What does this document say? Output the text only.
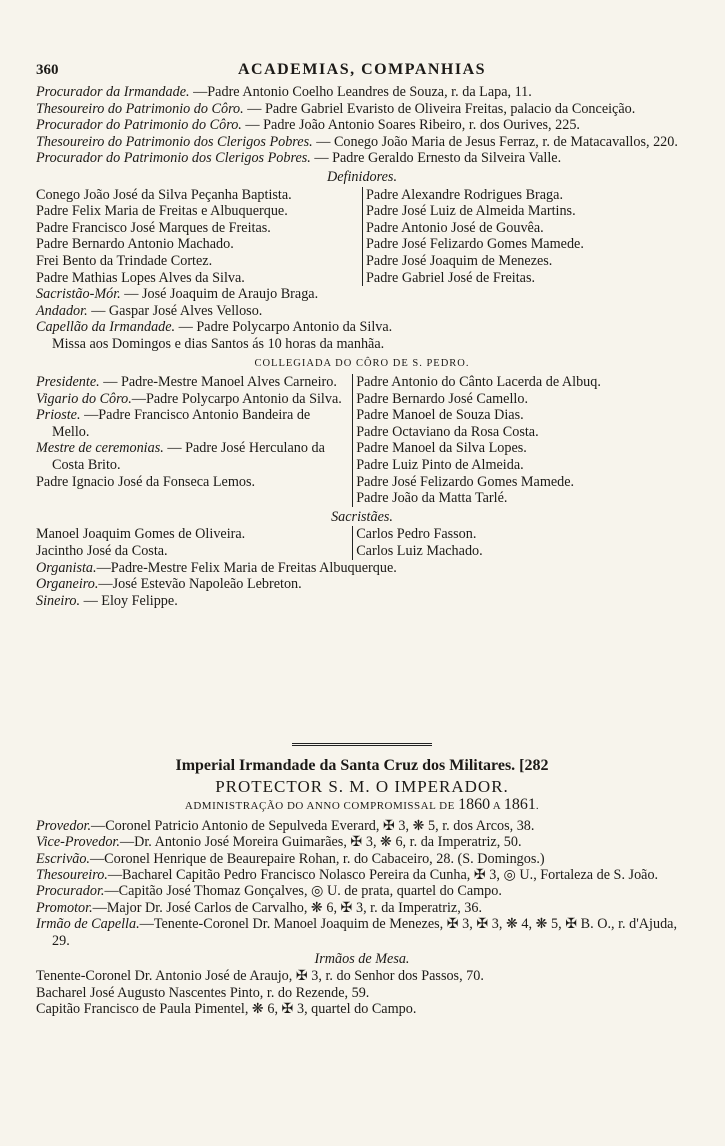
360	ACADEMIAS, COMPANHIAS

Procurador da Irmandade. —Padre Antonio Coelho Leandres de Souza, r. da Lapa, 11.

Thesoureiro do Patrimonio do Côro. — Padre Gabriel Evaristo de Oliveira Freitas, palacio da Conceição.

Procurador do Patrimonio do Côro. — Padre João Antonio Soares Ribeiro, r. dos Ourives, 225.

Thesoureiro do Patrimonio dos Clerigos Pobres. — Conego João Maria de Jesus Ferraz, r. de Matacavallos, 220.

Procurador do Patrimonio dos Clerigos Pobres. — Padre Geraldo Ernesto da Silveira Valle.

Definidores.
Conego João José da Silva Peçanha Baptista.
Padre Felix Maria de Freitas e Albuquerque.
Padre Francisco José Marques de Freitas.
Padre Bernardo Antonio Machado.
Frei Bento da Trindade Cortez.
Padre Mathias Lopes Alves da Silva.
Padre Alexandre Rodrigues Braga.
Padre José Luiz de Almeida Martins.
Padre Antonio José de Gouvêa.
Padre José Felizardo Gomes Mamede.
Padre José Joaquim de Menezes.
Padre Gabriel José de Freitas.

Sacristão-Mór. — José Joaquim de Araujo Braga.

Andador. — Gaspar José Alves Velloso.

Capellão da Irmandade. — Padre Polycarpo Antonio da Silva.

Missa aos Domingos e dias Santos ás 10 horas da manhãa.
COLLEGIADA DO CÔRO DE S. PEDRO.

Presidente. — Padre-Mestre Manoel Alves Carneiro.

Vigario do Côro.—Padre Polycarpo Antonio da Silva.

Prioste. —Padre Francisco Antonio Bandeira de Mello.

Mestre de ceremonias. — Padre José Herculano da Costa Brito.

Padre Ignacio José da Fonseca Lemos.

Padre Antonio do Cânto Lacerda de Albuq.
Padre Bernardo José Camello.
Padre Manoel de Souza Dias.
Padre Octaviano da Rosa Costa.
Padre Manoel da Silva Lopes.
Padre Luiz Pinto de Almeida.
Padre José Felizardo Gomes Mamede.
Padre João da Matta Tarlé.
Sacristães.
Manoel Joaquim Gomes de Oliveira.
Jacintho José da Costa.
Carlos Pedro Fasson.
Carlos Luiz Machado.

Organista.—Padre-Mestre Felix Maria de Freitas Albuquerque.

Organeiro.—José Estevão Napoleão Lebreton.

Sineiro. — Eloy Felippe.

Imperial Irmandade da Santa Cruz dos Militares. [282
PROTECTOR S. M. O IMPERADOR.
ADMINISTRAÇÃO DO ANNO COMPROMISSAL DE 1860 A 1861.

Provedor.—Coronel Patricio Antonio de Sepulveda Everard, ✠ 3, ❋ 5, r. dos Arcos, 38.

Vice-Provedor.—Dr. Antonio José Moreira Guimarães, ✠ 3, ❋ 6, r. da Imperatriz, 50.

Escrivão.—Coronel Henrique de Beaurepaire Rohan, r. do Cabaceiro, 28. (S. Domingos.)

Thesoureiro.—Bacharel Capitão Pedro Francisco Nolasco Pereira da Cunha, ✠ 3, ◎ U., Fortaleza de S. João.

Procurador.—Capitão José Thomaz Gonçalves, ◎ U. de prata, quartel do Campo.

Promotor.—Major Dr. José Carlos de Carvalho, ❋ 6, ✠ 3, r. da Imperatriz, 36.

Irmão de Capella.—Tenente-Coronel Dr. Manoel Joaquim de Menezes, ✠ 3, ✠ 3, ❋ 4, ❋ 5, ✠ B. O., r. d'Ajuda, 29.

Irmãos de Mesa.
Tenente-Coronel Dr. Antonio José de Araujo, ✠ 3, r. do Senhor dos Passos, 70.
Bacharel José Augusto Nascentes Pinto, r. do Rezende, 59.
Capitão Francisco de Paula Pimentel, ❋ 6, ✠ 3, quartel do Campo.
